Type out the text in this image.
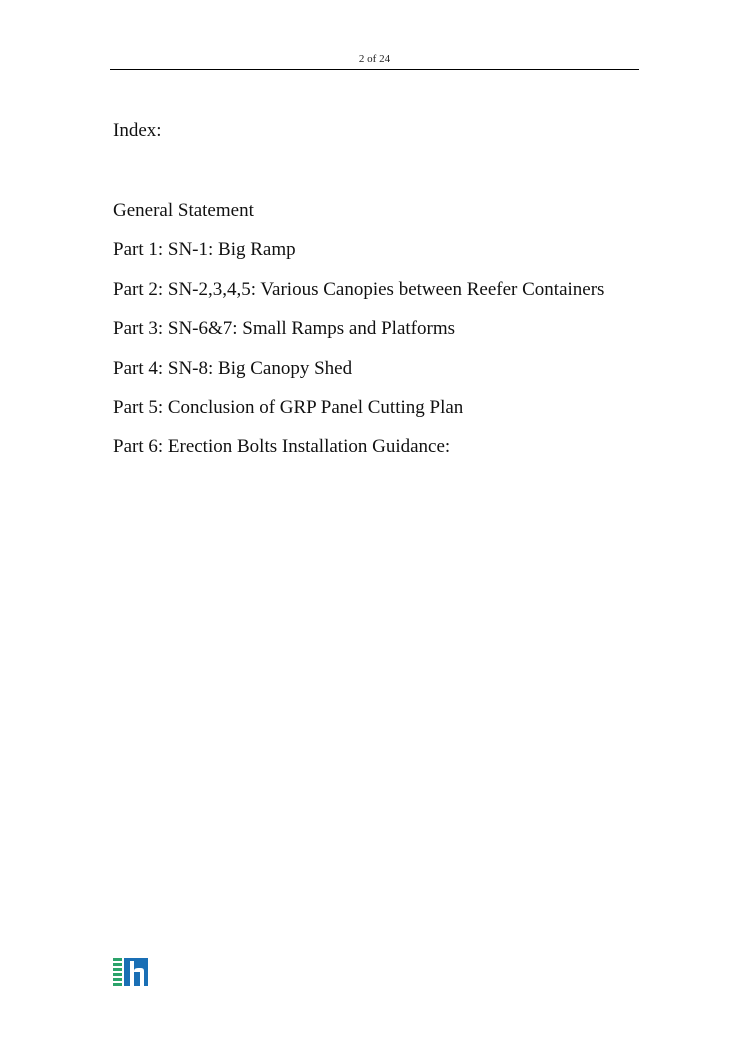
2 of 24
Index:
General Statement
Part 1: SN-1: Big Ramp
Part 2: SN-2,3,4,5: Various Canopies between Reefer Containers
Part 3: SN-6&7: Small Ramps and Platforms
Part 4: SN-8: Big Canopy Shed
Part 5: Conclusion of GRP Panel Cutting Plan
Part 6: Erection Bolts Installation Guidance:
